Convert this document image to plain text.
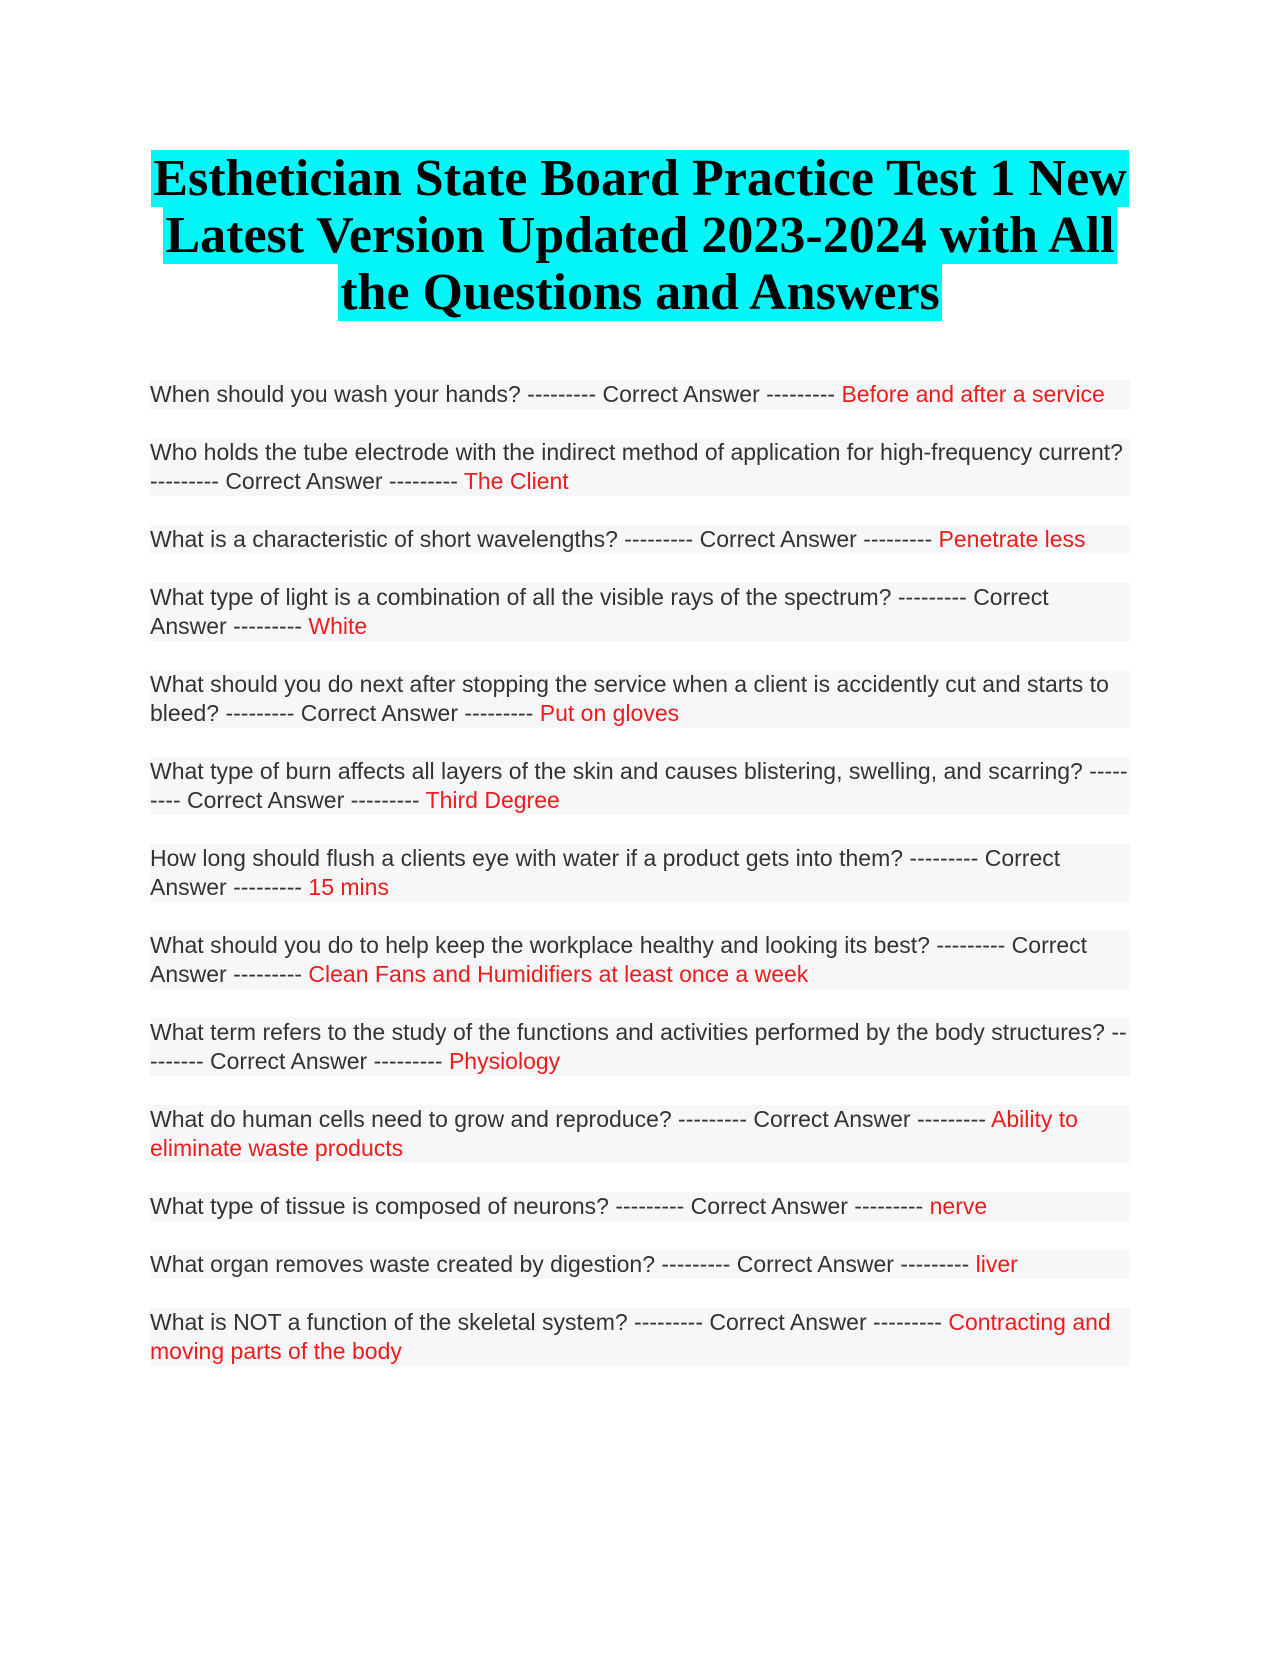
Esthetician State Board Practice Test 1 New
Latest Version Updated 2023-2024 with All
the Questions and Answers
When should you wash your hands? --------- Correct Answer --------- Before and after a service
Who holds the tube electrode with the indirect method of application for high-frequency current? --------- Correct Answer --------- The Client
What is a characteristic of short wavelengths? --------- Correct Answer --------- Penetrate less
What type of light is a combination of all the visible rays of the spectrum? --------- Correct Answer --------- White
What should you do next after stopping the service when a client is accidently cut and starts to bleed? --------- Correct Answer --------- Put on gloves
What type of burn affects all layers of the skin and causes blistering, swelling, and scarring? --------- Correct Answer --------- Third Degree
How long should flush a clients eye with water if a product gets into them? --------- Correct Answer --------- 15 mins
What should you do to help keep the workplace healthy and looking its best? --------- Correct Answer --------- Clean Fans and Humidifiers at least once a week
What term refers to the study of the functions and activities performed by the body structures? --------- Correct Answer --------- Physiology
What do human cells need to grow and reproduce? --------- Correct Answer --------- Ability to eliminate waste products
What type of tissue is composed of neurons? --------- Correct Answer --------- nerve
What organ removes waste created by digestion? --------- Correct Answer --------- liver
What is NOT a function of the skeletal system? --------- Correct Answer --------- Contracting and moving parts of the body
